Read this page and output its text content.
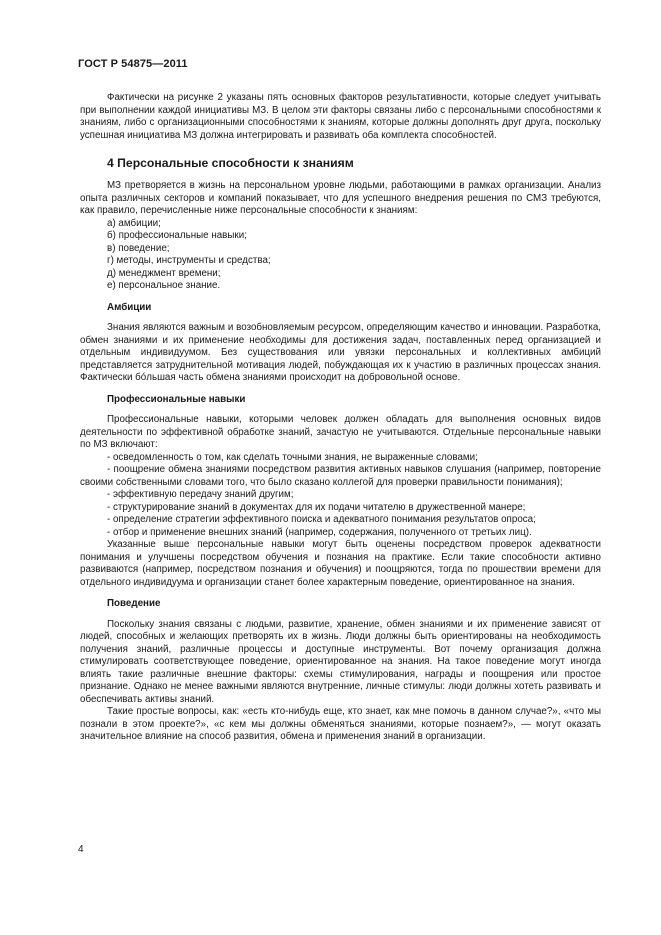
ГОСТ Р 54875—2011

Фактически на рисунке 2 указаны пять основных факторов результативности, которые следует учитывать при выполнении каждой инициативы МЗ. В целом эти факторы связаны либо с персональными способностями к знаниям, либо с организационными способностями к знаниям, которые должны дополнять друг друга, поскольку успешная инициатива МЗ должна интегрировать и развивать оба комплекта способностей.

4 Персональные способности к знаниям

МЗ претворяется в жизнь на персональном уровне людьми, работающими в рамках организации. Анализ опыта различных секторов и компаний показывает, что для успешного внедрения решения по СМЗ требуются, как правило, перечисленные ниже персональные способности к знаниям:

а) амбиции;
б) профессиональные навыки;
в) поведение;
г) методы, инструменты и средства;
д) менеджмент времени;
е) персональное знание.
Амбиции

Знания являются важным и возобновляемым ресурсом, определяющим качество и инновации. Разработка, обмен знаниями и их применение необходимы для достижения задач, поставленных перед организацией и отдельным индивидуумом. Без существования или увязки персональных и коллективных амбиций представляется затруднительной мотивация людей, побуждающая их к участию в различных процессах знания. Фактически бо́льшая часть обмена знаниями происходит на добровольной основе.

Профессиональные навыки

Профессиональные навыки, которыми человек должен обладать для выполнения основных видов деятельности по эффективной обработке знаний, зачастую не учитываются. Отдельные персональные навыки по МЗ включают:

- осведомленность о том, как сделать точными знания, не выраженные словами;
- поощрение обмена знаниями посредством развития активных навыков слушания (например, повторение своими собственными словами того, что было сказано коллегой для проверки правильности понимания);
- эффективную передачу знаний другим;
- структурирование знаний в документах для их подачи читателю в дружественной манере;
- определение стратегии эффективного поиска и адекватного понимания результатов опроса;
- отбор и применение внешних знаний (например, содержания, полученного от третьих лиц).

Указанные выше персональные навыки могут быть оценены посредством проверок адекватности понимания и улучшены посредством обучения и познания на практике. Если такие способности активно развиваются (например, посредством познания и обучения) и поощряются, тогда по прошествии времени для отдельного индивидуума и организации станет более характерным поведение, ориентированное на знания.

Поведение

Поскольку знания связаны с людьми, развитие, хранение, обмен знаниями и их применение зависят от людей, способных и желающих претворять их в жизнь. Люди должны быть ориентированы на необходимость получения знаний, различные процессы и доступные инструменты. Вот почему организация должна стимулировать соответствующее поведение, ориентированное на знания. На такое поведение могут иногда влиять такие различные внешние факторы: схемы стимулирования, награды и поощрения или простое признание. Однако не менее важными являются внутренние, личные стимулы: люди должны хотеть развивать и обеспечивать активы знаний.

Такие простые вопросы, как: «есть кто-нибудь еще, кто знает, как мне помочь в данном случае?», «что мы познали в этом проекте?», «с кем мы должны обменяться знаниями, которые познаем?», — могут оказать значительное влияние на способ развития, обмена и применения знаний в организации.

4
